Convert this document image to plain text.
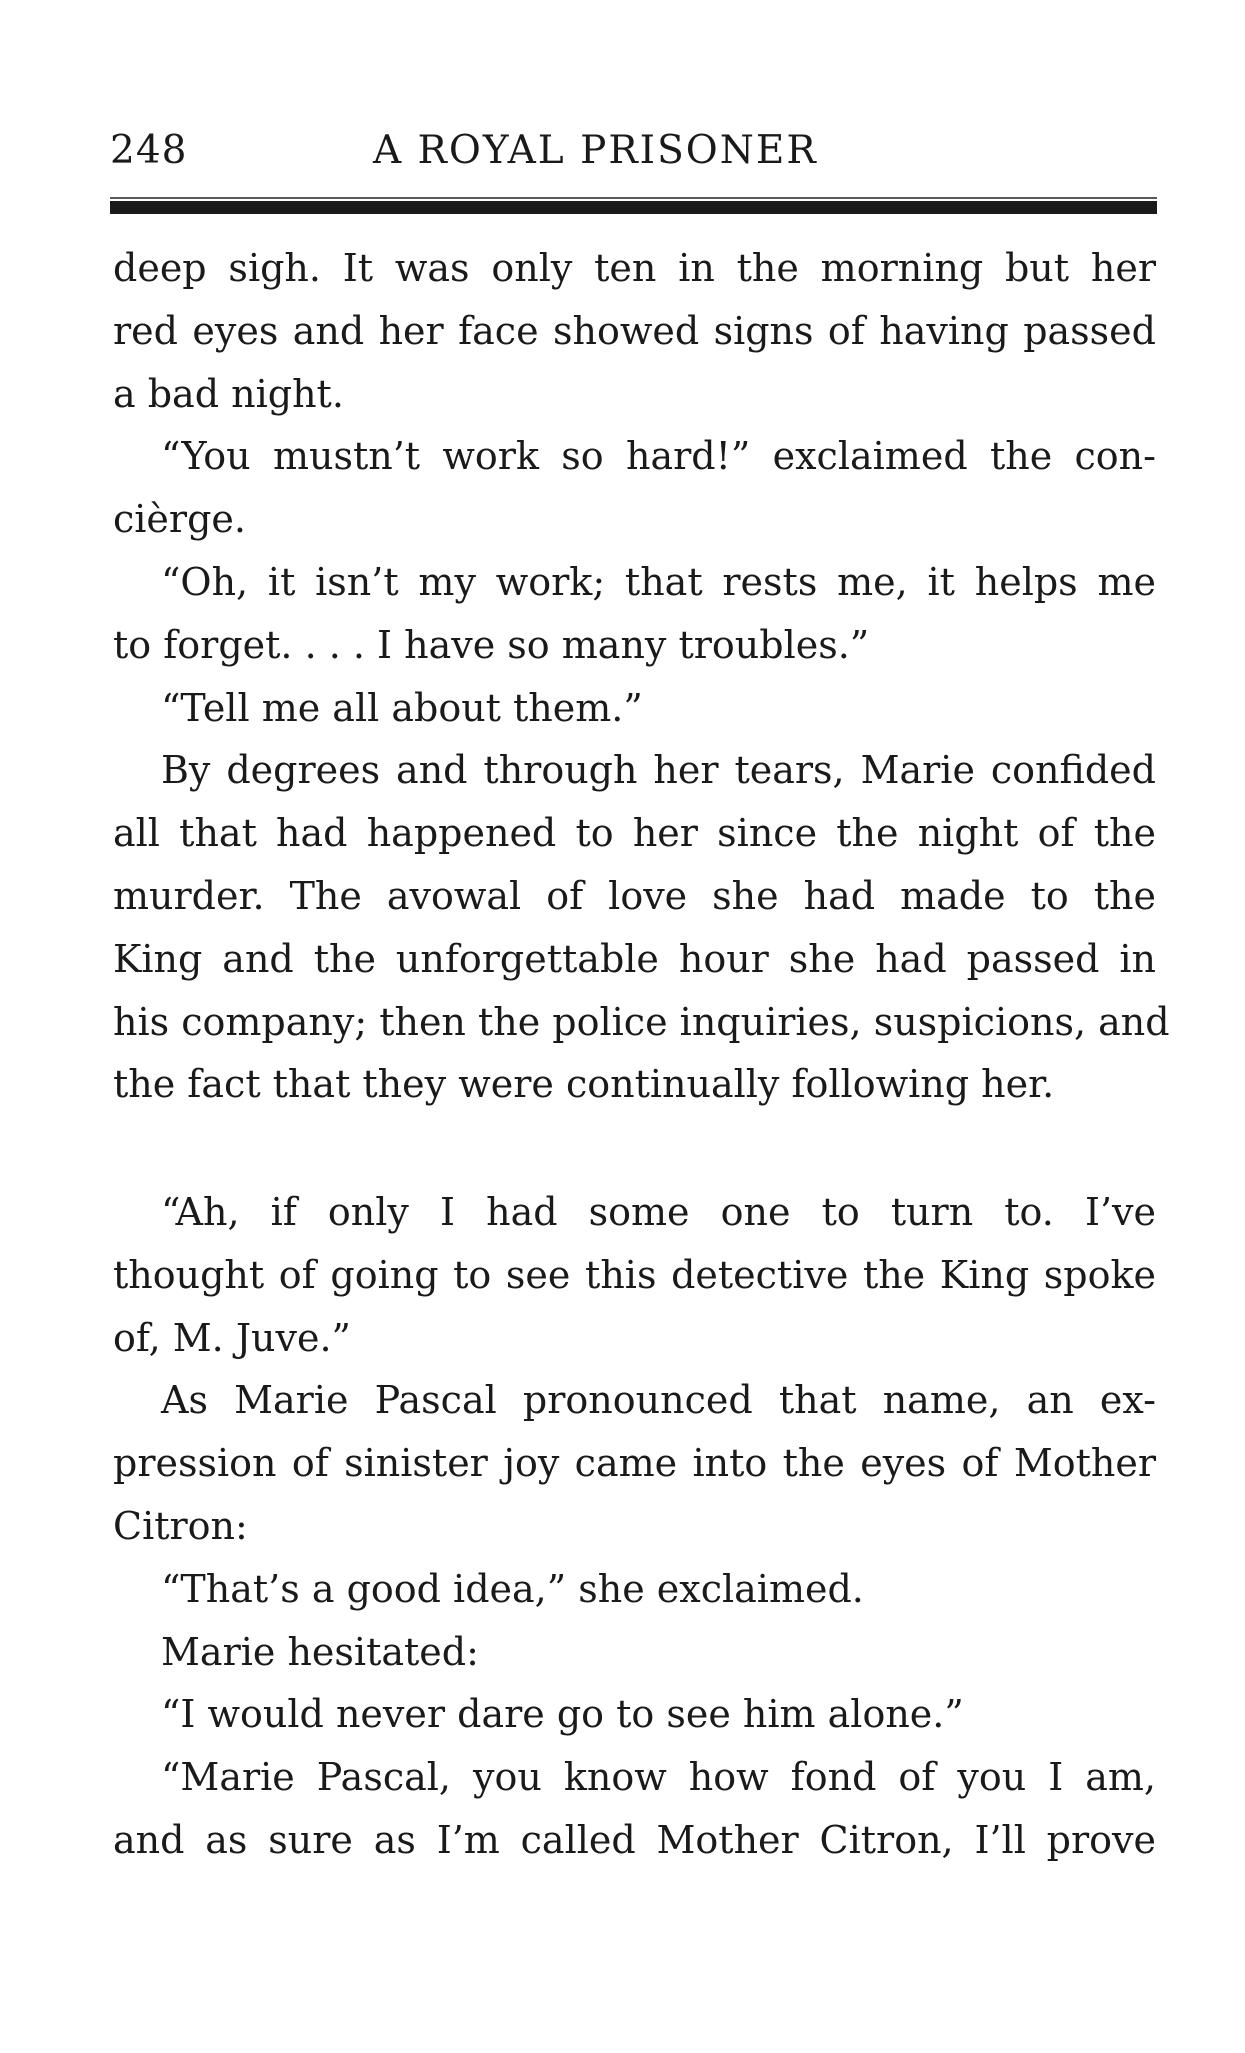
248	A ROYAL PRISONER
deep sigh. It was only ten in the morning but her
red eyes and her face showed signs of having passed
a bad night.
“You mustn’t work so hard!” exclaimed the con-
cièrge.
“Oh, it isn’t my work; that rests me, it helps me
to forget. . . . I have so many troubles.”
“Tell me all about them.”
By degrees and through her tears, Marie confided
all that had happened to her since the night of the
murder. The avowal of love she had made to the
King and the unforgettable hour she had passed in
his company; then the police inquiries, suspicions, and
the fact that they were continually following her.
“Ah, if only I had some one to turn to. I’ve
thought of going to see this detective the King spoke
of, M. Juve.”
As Marie Pascal pronounced that name, an ex-
pression of sinister joy came into the eyes of Mother
Citron:
“That’s a good idea,” she exclaimed.
Marie hesitated:
“I would never dare go to see him alone.”
“Marie Pascal, you know how fond of you I am,
and as sure as I’m called Mother Citron, I’ll prove
